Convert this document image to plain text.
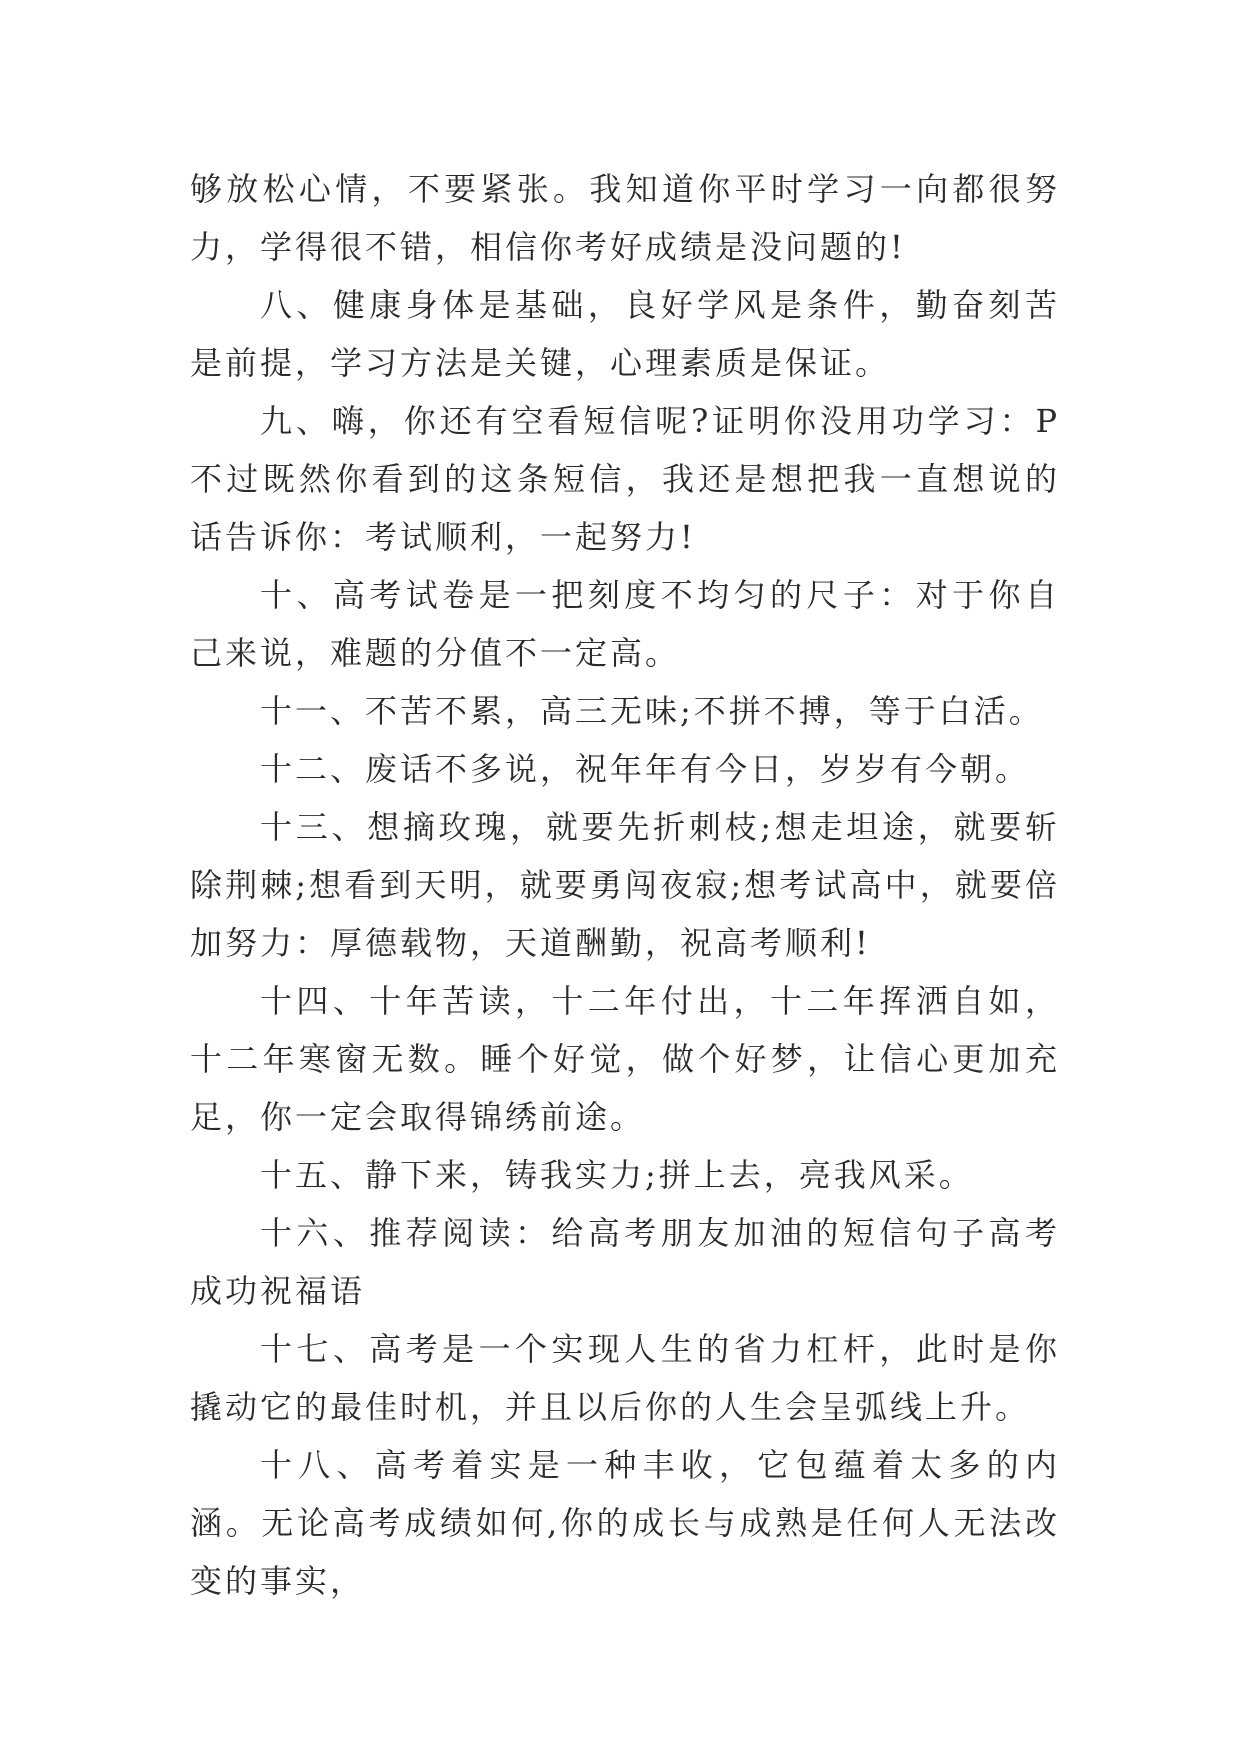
够放松心情，不要紧张。我知道你平时学习一向都很努力，学得很不错，相信你考好成绩是没问题的!

八、健康身体是基础，良好学风是条件，勤奋刻苦是前提，学习方法是关键，心理素质是保证。

九、嗨，你还有空看短信呢?证明你没用功学习：P 不过既然你看到的这条短信，我还是想把我一直想说的话告诉你：考试顺利，一起努力!

十、高考试卷是一把刻度不均匀的尺子：对于你自己来说，难题的分值不一定高。

十一、不苦不累，高三无味;不拼不搏，等于白活。

十二、废话不多说，祝年年有今日，岁岁有今朝。

十三、想摘玫瑰，就要先折刺枝;想走坦途，就要斩除荆棘;想看到天明，就要勇闯夜寂;想考试高中，就要倍加努力：厚德载物，天道酬勤，祝高考顺利!

十四、十年苦读，十二年付出，十二年挥洒自如，十二年寒窗无数。睡个好觉，做个好梦，让信心更加充足，你一定会取得锦绣前途。

十五、静下来，铸我实力;拼上去，亮我风采。

十六、推荐阅读：给高考朋友加油的短信句子高考成功祝福语

十七、高考是一个实现人生的省力杠杆，此时是你撬动它的最佳时机，并且以后你的人生会呈弧线上升。

十八、高考着实是一种丰收，它包蕴着太多的内涵。无论高考成绩如何,你的成长与成熟是任何人无法改变的事实，
